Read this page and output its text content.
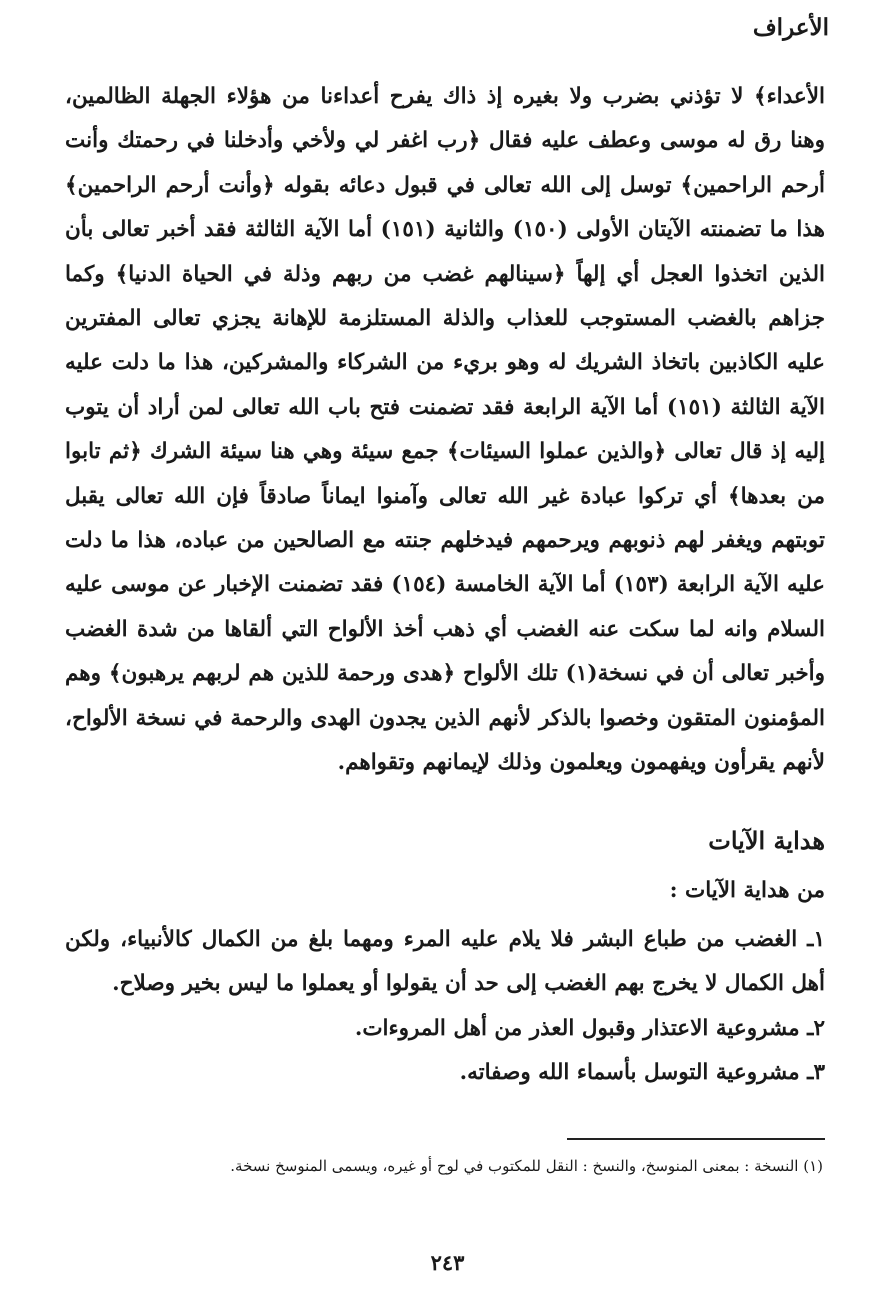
الأعراف

الأعداء﴾ لا تؤذني بضرب ولا بغيره إذ ذاك يفرح أعداءنا من هؤلاء الجهلة الظالمين، وهنا رق له موسى وعطف عليه فقال ﴿رب اغفر لي ولأخي وأدخلنا في رحمتك وأنت أرحم الراحمين﴾ توسل إلى الله تعالى في قبول دعائه بقوله ﴿وأنت أرحم الراحمين﴾ هذا ما تضمنته الآيتان الأولى (١٥٠) والثانية (١٥١) أما الآية الثالثة فقد أخبر تعالى بأن الذين اتخذوا العجل أي إلهاً ﴿سينالهم غضب من ربهم وذلة في الحياة الدنيا﴾ وكما جزاهم بالغضب المستوجب للعذاب والذلة المستلزمة للإهانة يجزي تعالى المفترين عليه الكاذبين باتخاذ الشريك له وهو بريء من الشركاء والمشركين، هذا ما دلت عليه الآية الثالثة (١٥١) أما الآية الرابعة فقد تضمنت فتح باب الله تعالى لمن أراد أن يتوب إليه إذ قال تعالى ﴿والذين عملوا السيئات﴾ جمع سيئة وهي هنا سيئة الشرك ﴿ثم تابوا من بعدها﴾ أي تركوا عبادة غير الله تعالى وآمنوا ايماناً صادقاً فإن الله تعالى يقبل توبتهم ويغفر لهم ذنوبهم ويرحمهم فيدخلهم جنته مع الصالحين من عباده، هذا ما دلت عليه الآية الرابعة (١٥٣) أما الآية الخامسة (١٥٤) فقد تضمنت الإخبار عن موسى عليه السلام وانه لما سكت عنه الغضب أي ذهب أخذ الألواح التي ألقاها من شدة الغضب وأخبر تعالى أن في نسخة(١) تلك الألواح ﴿هدى ورحمة للذين هم لربهم يرهبون﴾ وهم المؤمنون المتقون وخصوا بالذكر لأنهم الذين يجدون الهدى والرحمة في نسخة الألواح، لأنهم يقرأون ويفهمون ويعلمون وذلك لإيمانهم وتقواهم.

هداية الآيات

من هداية الآيات :

١ـ الغضب من طباع البشر فلا يلام عليه المرء ومهما بلغ من الكمال كالأنبياء، ولكن أهل الكمال لا يخرج بهم الغضب إلى حد أن يقولوا أو يعملوا ما ليس بخير وصلاح.
٢ـ مشروعية الاعتذار وقبول العذر من أهل المروءات.
٣ـ مشروعية التوسل بأسماء الله وصفاته.

(١) النسخة : بمعنى المنوسخ، والنسخ : النقل للمكتوب في لوح أو غيره، ويسمى المنوسخ نسخة.

٢٤٣
